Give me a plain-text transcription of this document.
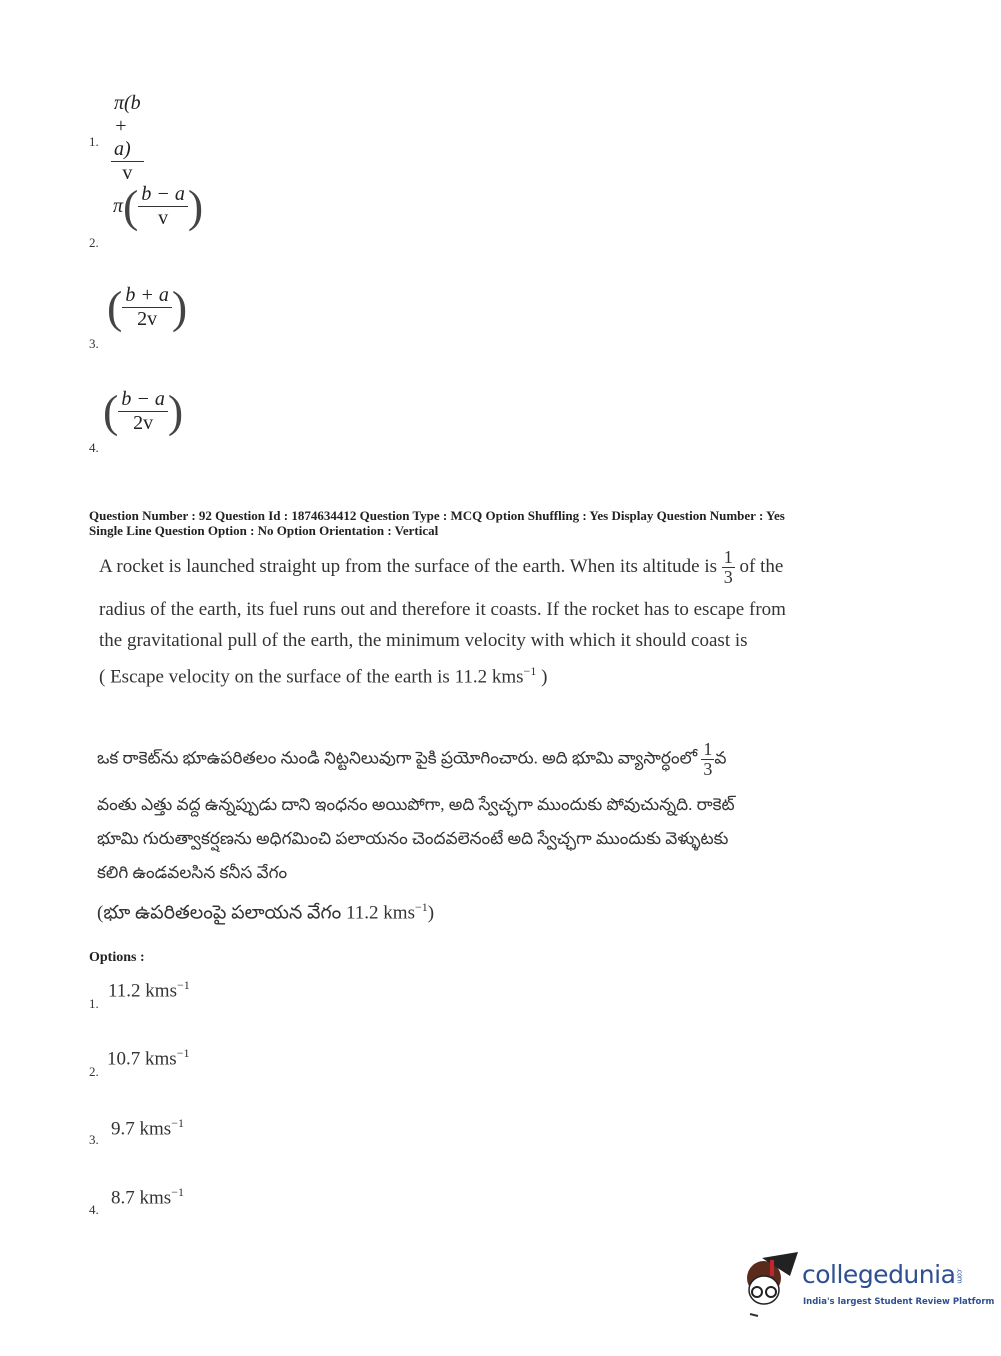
1. $\frac{\pi(b + a)}{v}$
2.
$\pi( \frac{b - a}{v}$ )
3.
( $\frac{b + a}{2v}$ )
4.
( $\frac{b - a}{2v}$ )
Question Number : 92 Question Id : 1874634412 Question Type : MCQ Option Shuffling : Yes Display Question Number : Yes
Single Line Question Option : No Option Orientation : Vertical
A rocket is launched straight up from the surface of the earth. When its altitude is $\frac{1}{3}$ of the
radius of the earth, its fuel runs out and therefore it coasts. If the rocket has to escape from
the gravitational pull of the earth, the minimum velocity with which it should coast is
( Escape velocity on the surface of the earth is 11.2 kms$^{-1}$ )
ఒక రాకెట్‌ను భూఉపరితలం నుండి నిట్టనిలువుగా పైకి ప్రయోగించారు. అది భూమి వ్యాసార్ధంలో $\frac{1}{3}$ వ
వంతు ఎత్తు వద్ద ఉన్నప్పుడు దాని ఇంధనం అయిపోగా, అది స్వేచ్ఛగా ముందుకు పోవుచున్నది. రాకెట్
భూమి గురుత్వాకర్షణను అధిగమించి పలాయనం చెందవలెనంటే అది స్వేచ్ఛగా ముందుకు వెళ్ళుటకు
కలిగి ఉండవలసిన కనీస వేగం
(భూ ఉపరితలంపై పలాయన వేగం 11.2 kms$^{-1}$)
Options :
1.
11.2 kms$^{-1}$
2.
10.7 kms$^{-1}$
3.
9.7 kms$^{-1}$
4.
8.7 kms$^{-1}$
collegedunia.com
India's largest Student Review Platform
